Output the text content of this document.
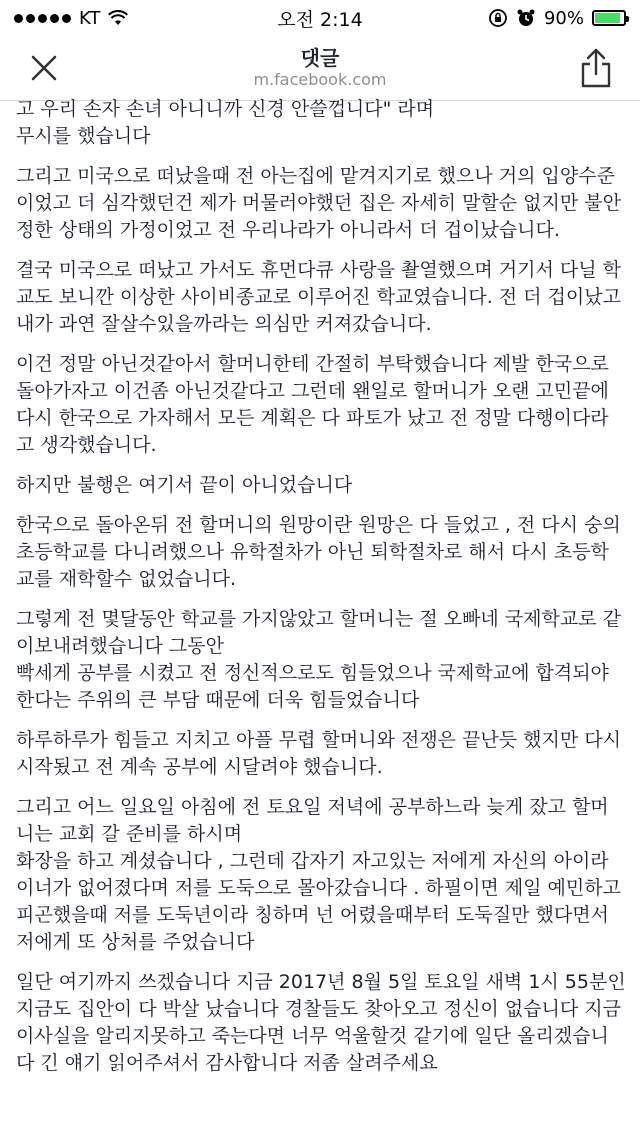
KT	오전 2:14	90%
댓글
m.facebook.com

고 우리 손자 손녀 아니니까 신경 안쓸껍니다" 라며
무시를 했습니다

그리고 미국으로 떠났을때 전 아는집에 맡겨지기로 했으나 거의 입양수준이었고 더 심각했던건 제가 머물러야했던 집은 자세히 말할순 없지만 불안정한 상태의 가정이었고 전 우리나라가 아니라서 더 겁이났습니다.

결국 미국으로 떠났고 가서도 휴먼다큐 사랑을 촬열했으며 거기서 다닐 학교도 보니깐 이상한 사이비종교로 이루어진 학교였습니다. 전 더 겁이났고
내가 과연 잘살수있을까라는 의심만 커져갔습니다.

이건 정말 아닌것같아서 할머니한테 간절히 부탁했습니다 제발 한국으로 돌아가자고 이건좀 아닌것같다고 그런데 왠일로 할머니가 오랜 고민끝에 다시 한국으로 가자해서 모든 계획은 다 파토가 났고 전 정말 다행이다라고 생각했습니다.

하지만 불행은 여기서 끝이 아니었습니다

한국으로 돌아온뒤 전 할머니의 원망이란 원망은 다 들었고 , 전 다시 숭의초등학교를 다니려했으나 유학절차가 아닌 퇴학절차로 해서 다시 초등학교를 재학할수 없었습니다.

그렇게 전 몇달동안 학교를 가지않았고 할머니는 절 오빠네 국제학교로 같이보내려했습니다 그동안
빡세게 공부를 시켰고 전 정신적으로도 힘들었으나 국제학교에 합격되야한다는 주위의 큰 부담 때문에 더욱 힘들었습니다

하루하루가 힘들고 지치고 아플 무렵 할머니와 전쟁은 끝난듯 했지만 다시 시작됬고 전 계속 공부에 시달려야 했습니다.

그리고 어느 일요일 아침에 전 토요일 저녁에 공부하느라 늦게 잤고 할머니는 교회 갈 준비를 하시며
화장을 하고 계셨습니다 , 그런데 갑자기 자고있는 저에게 자신의 아이라이너가 없어졌다며 저를 도둑으로 몰아갔습니다 . 하필이면 제일 예민하고 피곤했을때 저를 도둑년이라 칭하며 넌 어렸을때부터 도둑질만 했다면서 저에게 또 상처를 주었습니다

일단 여기까지 쓰겠습니다 지금 2017년 8월 5일 토요일 새벽 1시 55분인 지금도 집안이 다 박살 났습니다 경찰들도 찾아오고 정신이 없습니다 지금 이사실을 알리지못하고 죽는다면 너무 억울할것 같기에 일단 올리겠습니다 긴 얘기 읽어주셔서 감사합니다 저좀 살려주세요
